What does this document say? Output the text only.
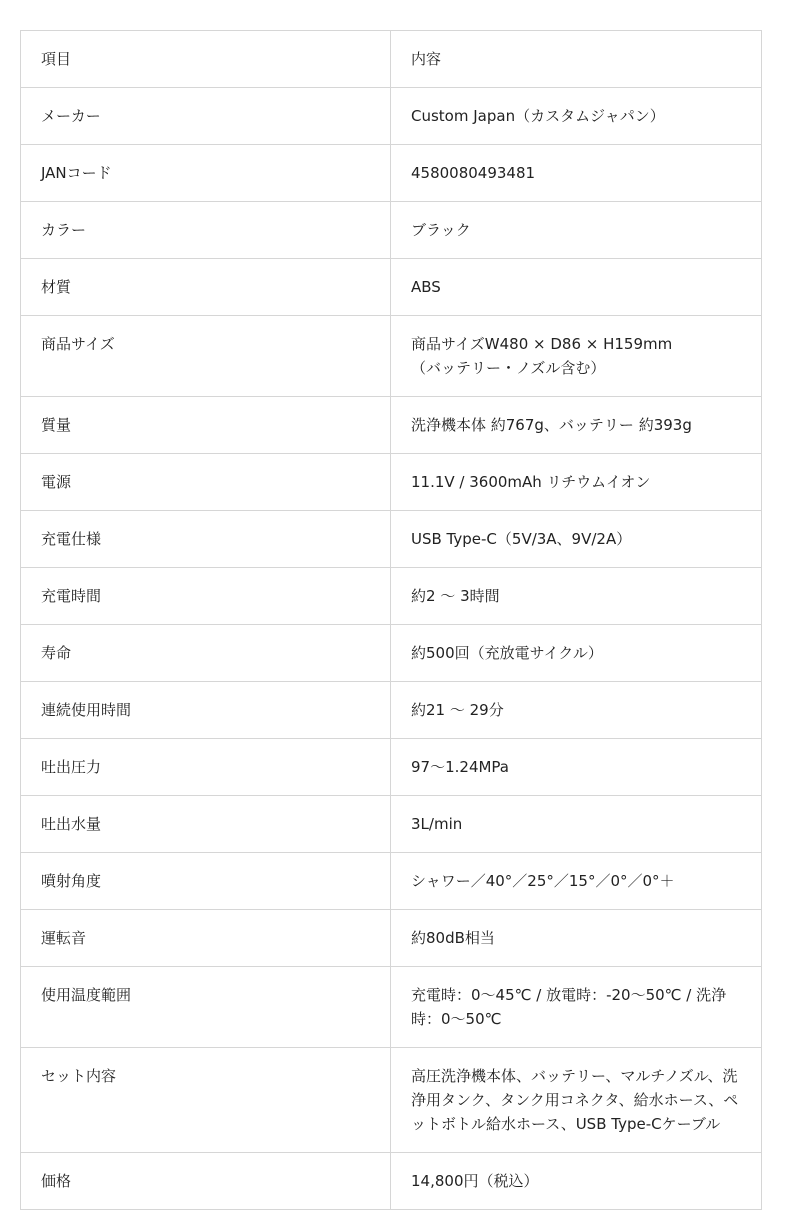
項目	内容
メーカー	Custom Japan（カスタムジャパン）
JANコード	4580080493481
カラー	ブラック
材質	ABS
商品サイズ	商品サイズW480 × D86 × H159mm
（バッテリー・ノズル含む）
質量	洗浄機本体 約767g、バッテリー 約393g
電源	11.1V / 3600mAh リチウムイオン
充電仕様	USB Type-C（5V/3A、9V/2A）
充電時間	約2 〜 3時間
寿命	約500回（充放電サイクル）
連続使用時間	約21 〜 29分
吐出圧力	97〜1.24MPa
吐出水量	3L/min
噴射角度	シャワー／40°／25°／15°／0°／0°＋
運転音	約80dB相当
使用温度範囲	充電時：0〜45℃ / 放電時：-20〜50℃ / 洗浄時：0〜50℃
セット内容	高圧洗浄機本体、バッテリー、マルチノズル、洗浄用タンク、タンク用コネクタ、給水ホース、ペットボトル給水ホース、USB Type-Cケーブル
価格	14,800円（税込）
